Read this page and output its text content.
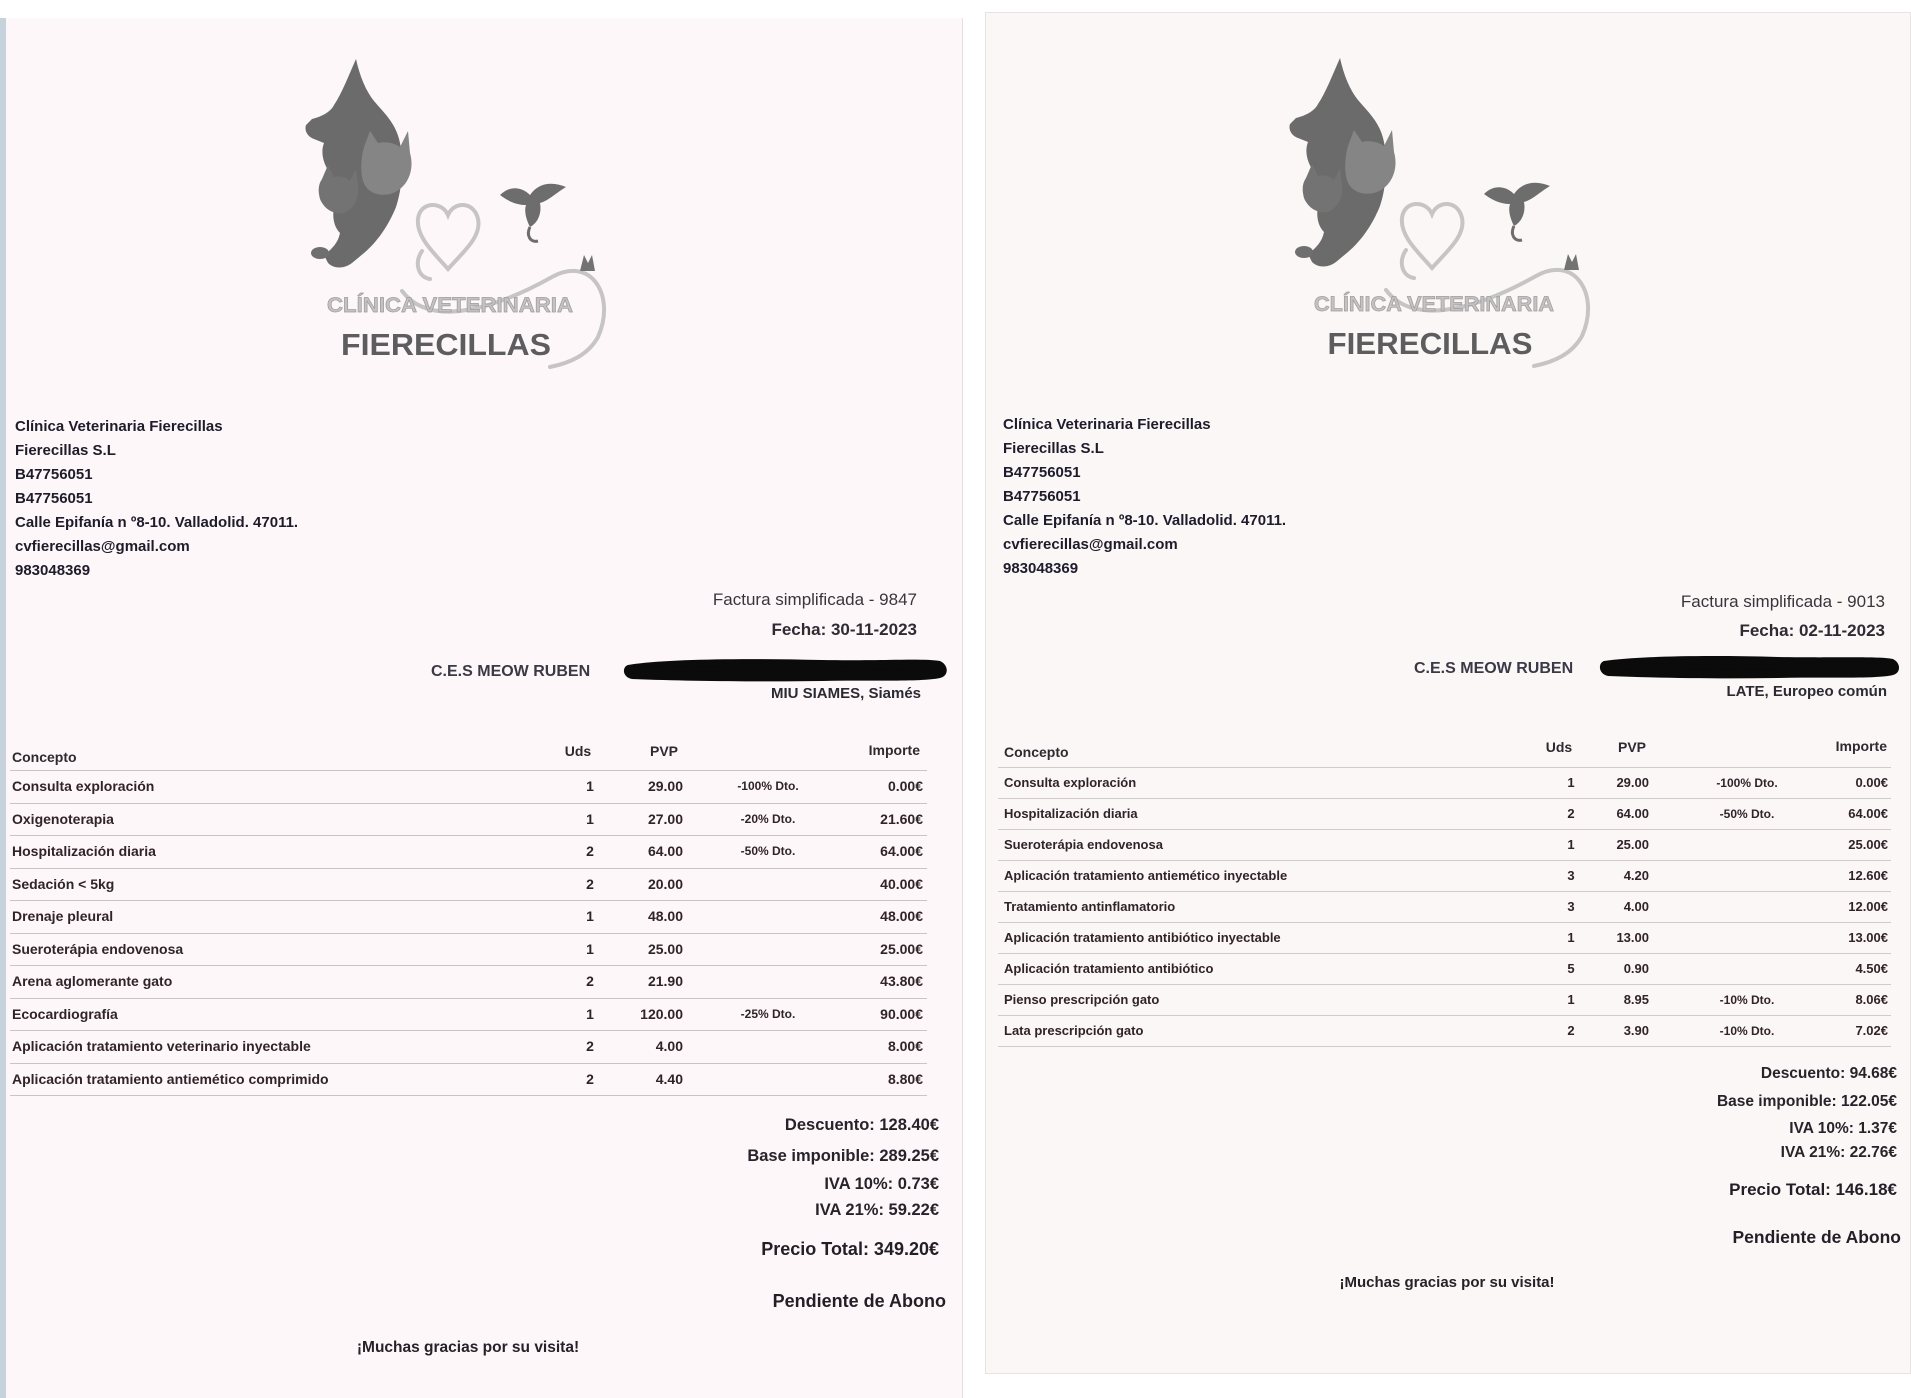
CLÍNICA VETERINARIA
FIERECILLAS
Clínica Veterinaria Fierecillas
Fierecillas S.L
B47756051
B47756051
Calle Epifanía n º8-10. Valladolid. 47011.
cvfierecillas@gmail.com
983048369
Factura simplificada - 9847
Fecha: 30-11-2023
C.E.S MEOW RUBEN
MIU SIAMES, Siamés
Concepto	Uds	PVP	Importe
Consulta exploración	1	29.00	-100% Dto.	0.00€
Oxigenoterapia	1	27.00	-20% Dto.	21.60€
Hospitalización diaria	2	64.00	-50% Dto.	64.00€
Sedación < 5kg	2	20.00	40.00€
Drenaje pleural	1	48.00	48.00€
Sueroterápia endovenosa	1	25.00	25.00€
Arena aglomerante gato	2	21.90	43.80€
Ecocardiografía	1	120.00	-25% Dto.	90.00€
Aplicación tratamiento veterinario inyectable	2	4.00	8.00€
Aplicación tratamiento antiemético comprimido	2	4.40	8.80€
Descuento: 128.40€
Base imponible: 289.25€
IVA 10%: 0.73€
IVA 21%: 59.22€
Precio Total: 349.20€
Pendiente de Abono
¡Muchas gracias por su visita!
CLÍNICA VETERINARIA
FIERECILLAS
Clínica Veterinaria Fierecillas
Fierecillas S.L
B47756051
B47756051
Calle Epifanía n º8-10. Valladolid. 47011.
cvfierecillas@gmail.com
983048369
Factura simplificada - 9013
Fecha: 02-11-2023
C.E.S MEOW RUBEN
LATE, Europeo común
Concepto	Uds	PVP	Importe
Consulta exploración	1	29.00	-100% Dto.	0.00€
Hospitalización diaria	2	64.00	-50% Dto.	64.00€
Sueroterápia endovenosa	1	25.00	25.00€
Aplicación tratamiento antiemético inyectable	3	4.20	12.60€
Tratamiento antinflamatorio	3	4.00	12.00€
Aplicación tratamiento antibiótico inyectable	1	13.00	13.00€
Aplicación tratamiento antibiótico	5	0.90	4.50€
Pienso prescripción gato	1	8.95	-10% Dto.	8.06€
Lata prescripción gato	2	3.90	-10% Dto.	7.02€
Descuento: 94.68€
Base imponible: 122.05€
IVA 10%: 1.37€
IVA 21%: 22.76€
Precio Total: 146.18€
Pendiente de Abono
¡Muchas gracias por su visita!
